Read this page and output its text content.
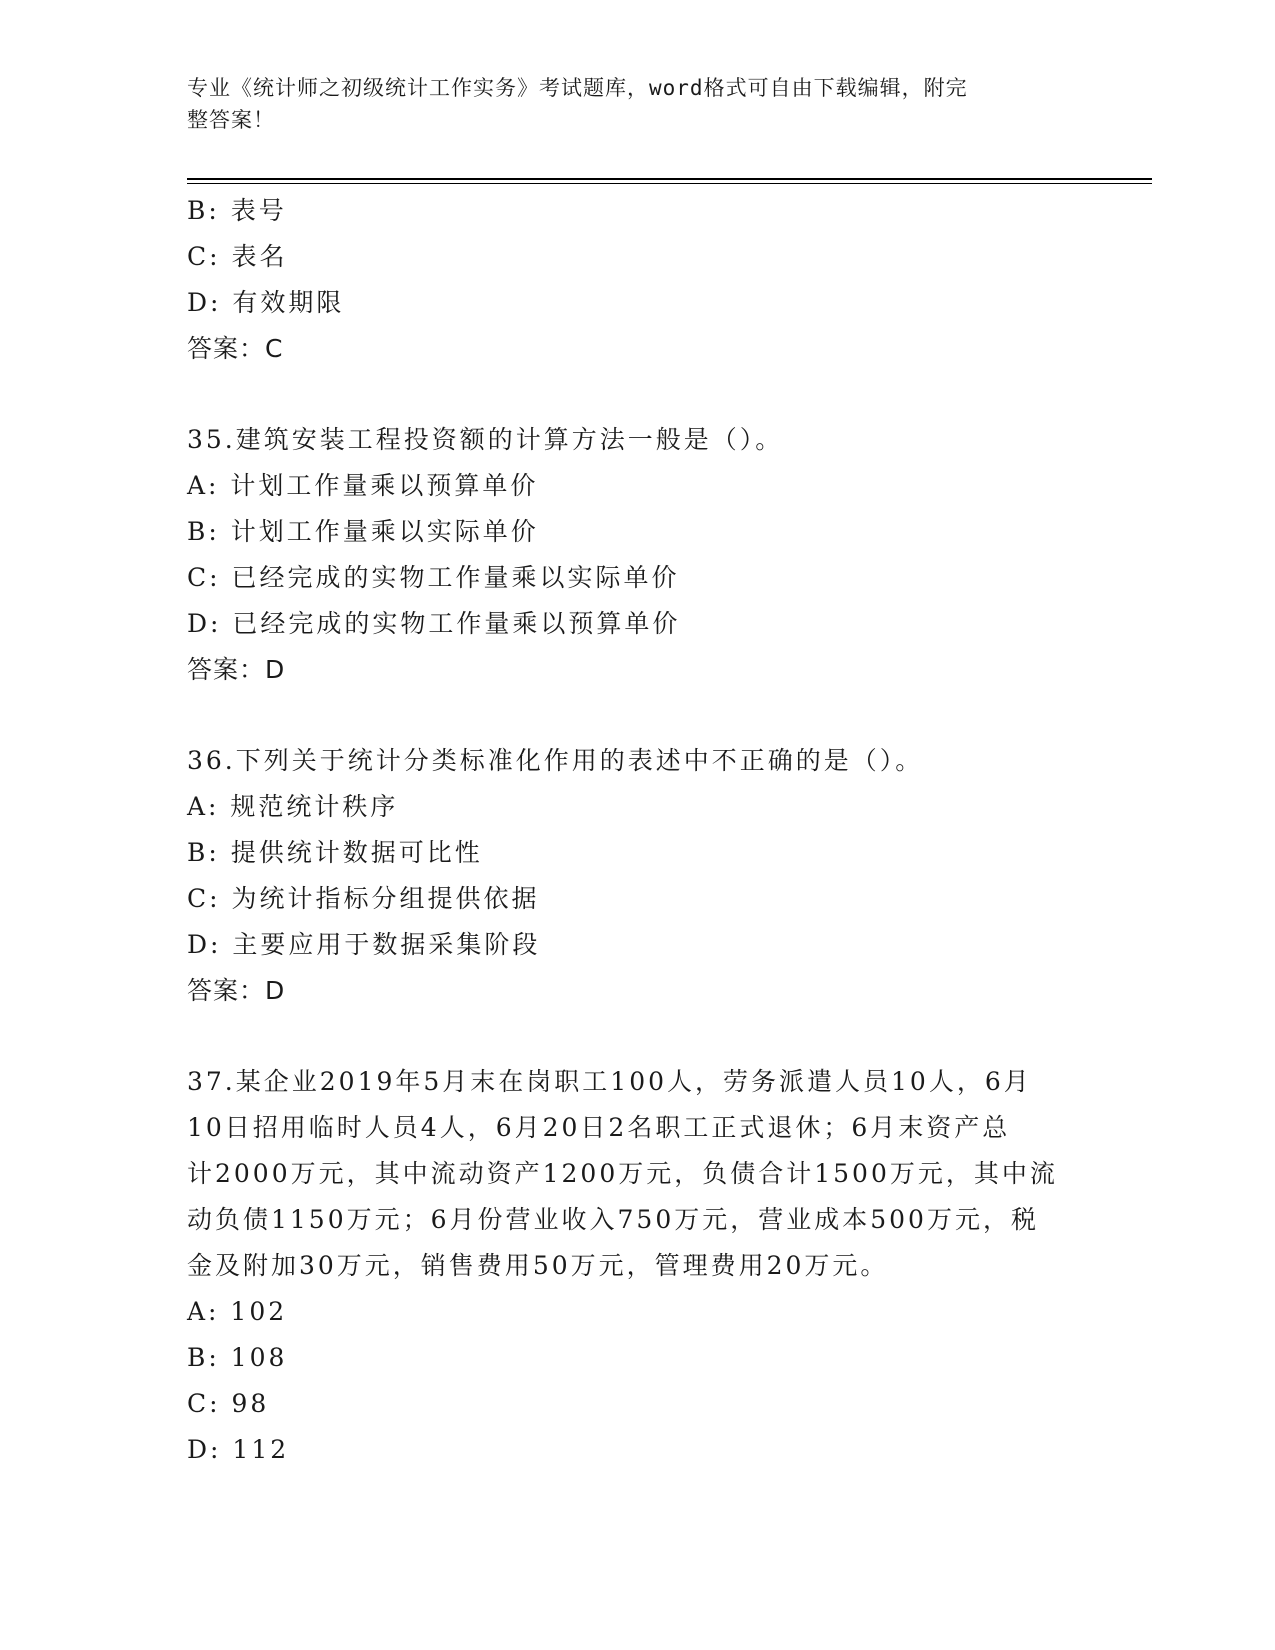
专业《统计师之初级统计工作实务》考试题库，word格式可自由下载编辑，附完
整答案！
B: 表号
C: 表名
D: 有效期限
答案：C
35.建筑安装工程投资额的计算方法一般是（）。
A: 计划工作量乘以预算单价
B: 计划工作量乘以实际单价
C: 已经完成的实物工作量乘以实际单价
D: 已经完成的实物工作量乘以预算单价
答案：D
36.下列关于统计分类标准化作用的表述中不正确的是（）。
A: 规范统计秩序
B: 提供统计数据可比性
C: 为统计指标分组提供依据
D: 主要应用于数据采集阶段
答案：D
37.某企业2019年5月末在岗职工100人，劳务派遣人员10人，6月
10日招用临时人员4人，6月20日2名职工正式退休；6月末资产总
计2000万元，其中流动资产1200万元，负债合计1500万元，其中流
动负债1150万元；6月份营业收入750万元，营业成本500万元，税
金及附加30万元，销售费用50万元，管理费用20万元。
A: 102
B: 108
C: 98
D: 112
